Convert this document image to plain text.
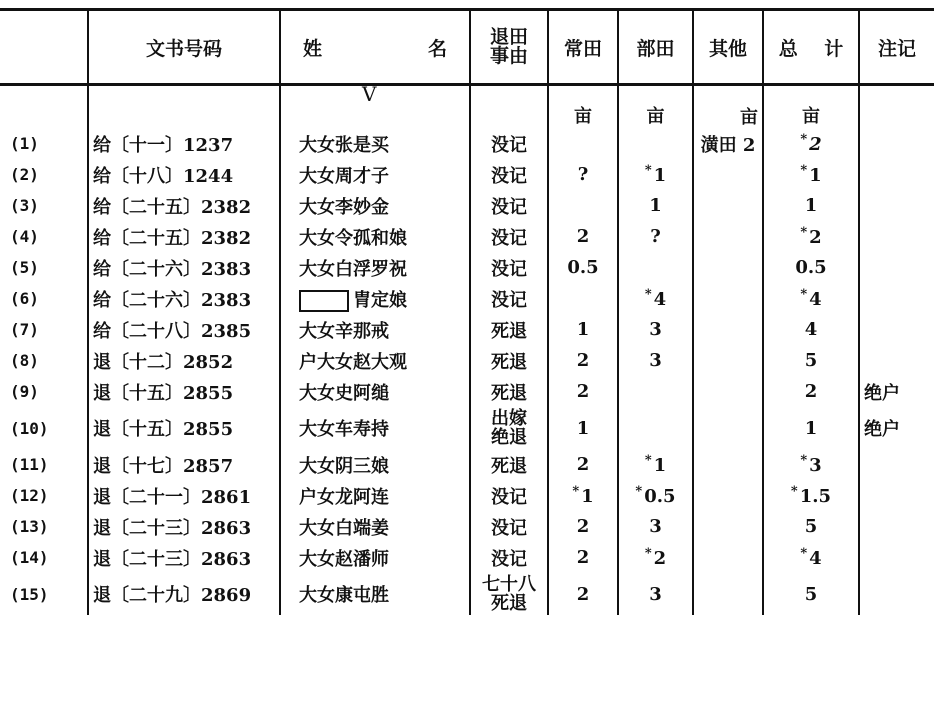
V
	文书号码	姓 名	退田
事由	常田	部田	其他	总 计	注记
				亩	亩	亩	亩	
(1)	给〔十一〕1237	大女张是买	没记			潢田 2	* 2	
(2)	给〔十八〕1244	大女周才子	没记	?	* 1		* 1	
(3)	给〔二十五〕2382	大女李妙金	没记		1		1	
(4)	给〔二十五〕2382	大女令孤和娘	没记	2	?		* 2	
(5)	给〔二十六〕2383	大女白浮罗祝	没记	0.5			0.5	
(6)	给〔二十六〕2383	胄定娘	没记		* 4		* 4	
(7)	给〔二十八〕2385	大女辛那戒	死退	1	3		4	
(8)	退〔十二〕2852	户大女赵大观	死退	2	3		5	
(9)	退〔十五〕2855	大女史阿缒	死退	2			2	绝户
(10)	退〔十五〕2855	大女车寿持	出嫁
绝退	1			1	绝户
(11)	退〔十七〕2857	大女阴三娘	死退	2	* 1		* 3	
(12)	退〔二十一〕2861	户女龙阿连	没记	* 1	* 0.5		* 1.5	
(13)	退〔二十三〕2863	大女白端姜	没记	2	3		5	
(14)	退〔二十三〕2863	大女赵潘师	没记	2	* 2		* 4	
(15)	退〔二十九〕2869	大女康屯胜	七十八
死退	2	3		5	
